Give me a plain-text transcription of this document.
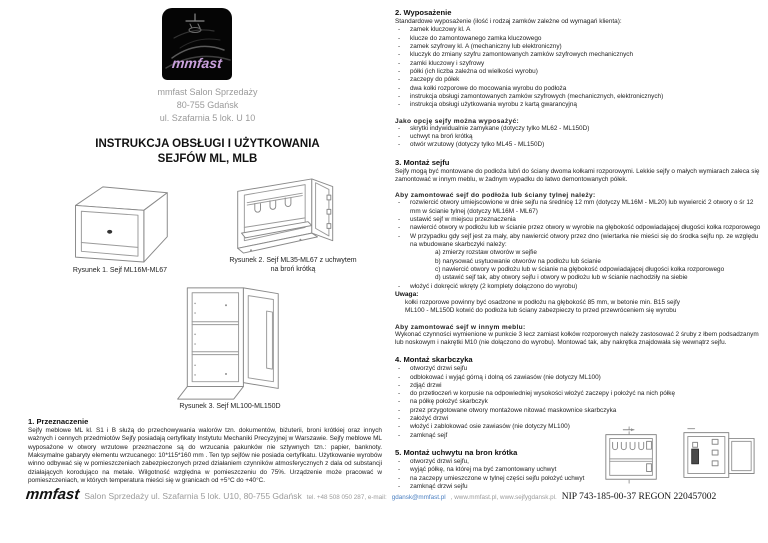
mmfast
mmfast Salon Sprzedaży
80-755 Gdańsk
ul. Szafarnia 5 lok. U 10
INSTRUKCJA OBSŁUGI I UŻYTKOWANIA
SEJFÓW ML, MLB
Rysunek 1. Sejf ML16M-ML67
Rysunek 2. Sejf ML35-ML67 z uchwytem
na broń krótką
Rysunek 3. Sejf ML100-ML150D
1. Przeznaczenie

Sejfy meblowe ML kl. S1 i B służą do przechowywania walorów tzn. dokumentów, biżuterii, broni krótkiej oraz innych ważnych i cennych przedmiotów Sejfy posiadają certyfikaty Instytutu Mechaniki Precyzyjnej w Warszawie. Sejfy meblowe ML wyposażone w otwory wrzutowe przeznaczone są do wrzucania pakunków nie sztywnych tzn.: papier, banknoty. Maksymalne gabaryty elementu wrzucanego: 10*115*160 mm . Ten typ sejfów nie posiada certyfikatu. Użytkowanie wyrobów winno odbywać się w pomieszczeniach zabezpieczonych przed działaniem czynników atmosferycznych z dala od substancji działających korodująco na metale. Wilgotność względna w pomieszczeniu do 75%. Urządzenie może pracować w pomieszczeniach, w których temperatura mieści się w granicach od +5°C do +40°C.

2. Wyposażenie

Standardowe wyposażenie (ilość i rodzaj zamków zależne od wymagań klienta):

- zamek kluczowy kl. A
- klucze do zamontowanego zamka kluczowego
- zamek szyfrowy kl. A (mechaniczny lub elektroniczny)
- kluczyk do zmiany szyfru zamontowanych zamków szyfrowych mechanicznych
- zamki kluczowy i szyfrowy
- półki (ich liczba zależna od wielkości wyrobu)
- zaczepy do półek
- dwa kołki rozporowe do mocowania wyrobu do podłoża
- instrukcja obsługi zamontowanych zamków szyfrowych (mechanicznych, elektronicznych)
- instrukcja obsługi użytkowania wyrobu z kartą gwarancyjną
Jako opcję sejfy można wyposażyć:
- skrytki indywidualnie zamykane (dotyczy tylko ML62 - ML150D)
- uchwyt na broń krótką
- otwór wrzutowy (dotyczy tylko ML45 - ML150D)
3. Montaż sejfu

Sejfy mogą być montowane do podłoża lub/i do ściany dwoma kołkami rozporowymi. Lekkie sejfy o małych wymiarach zaleca się zamontować w innym meblu, w żadnym wypadku do łatwo demontowanych półek.

Aby zamontować sejf do podłoża lub ściany tylnej należy:
- rozwiercić otwory umiejscowione w dnie sejfu na średnicę 12 mm (dotyczy ML16M - ML20) lub wywiercić 2 otwory o śr 12 mm w ścianie tylnej (dotyczy ML16M - ML67)
- ustawić sejf w miejscu przeznaczenia
- nawiercić otwory w podłożu lub w ścianie przez otwory w wyrobie na głębokość odpowiadającej długości kołka rozporowego
- W przypadku gdy sejf jest za mały, aby nawiercić otwory przez dno (wiertarka nie mieści się do środka sejfu np. ze względu na wbudowane skarbczyki należy:
a) zmierzy rozstaw otworów w sejfie
b) narysować usytuowanie otworów na podłożu lub ścianie
c) nawiercić otwory w podłożu lub w ścianie na głębokość odpowiadającej długości kołka rozporowego
d) ustawić sejf tak, aby otwory sejfu i otwory w podłożu lub w ścianie nachodziły na siebie
- włożyć i dokręcić wkręty (2 komplety dołączono do wyrobu)
Uwaga:
kołki rozporowe powinny być osadzone w podłożu na głębokość 85 mm, w betonie min. B15 sejfy
ML100 - ML150D kotwić do podłoża lub ściany zabezpieczy to przed przewróceniem się wyrobu
Aby zamontować sejf w innym meblu:

Wykonać czynności wymienione w punkcie 3 lecz zamiast kołków rozporowych należy zastosować 2 śruby z łbem podsadzanym lub noskowym i nakrętki M10 (nie dołączono do wyrobu). Montować tak, aby nakrętka znajdowała się wewnątrz sejfu.

4. Montaż skarbczyka
- otworzyć drzwi sejfu
- odblokować i wyjąć górną i dolną oś zawiasów (nie dotyczy ML100)
- zdjąć drzwi
- do przetłoczeń w korpusie na odpowiedniej wysokości włożyć zaczepy i położyć na nich półkę
- na półkę położyć skarbczyk
- przez przygotowane otwory montażowe nitować maskownice skarbczyka
- założyć drzwi
- włożyć i zablokować osie zawiasów (nie dotyczy ML100)
- zamknąć sejf
5. Montaż uchwytu na bron krótka
- otworzyć drzwi sejfu,
- wyjąć półkę, na której ma być zamontowany uchwyt
- na zaczepy umieszczone w tylnej części sejfu położyć uchwyt
- zamknąć drzwi sejfu
mmfast Salon Sprzedaży ul. Szafarnia 5 lok. U10, 80-755 Gdańsk tel. +48 508 050 287, e-mail: gdansk@mmfast.pl , www.mmfast.pl, www.sejfygdansk.pl. NIP 743-185-00-37 REGON 220457002
